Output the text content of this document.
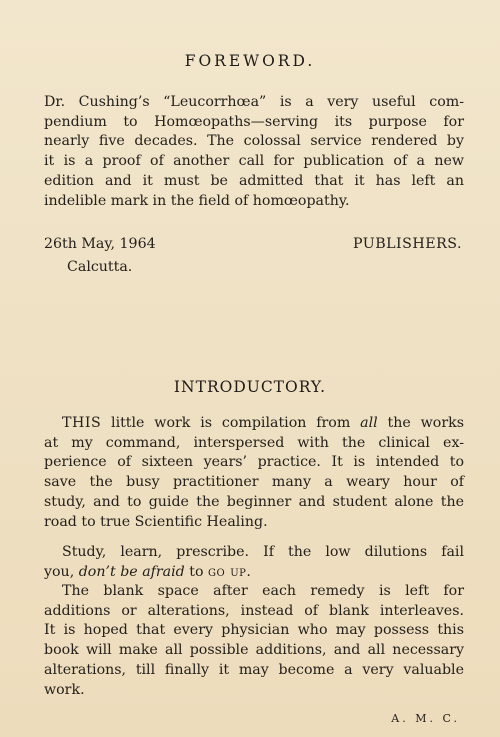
FOREWORD.
Dr. Cushing’s “Leucorrhœa” is a very useful com-
pendium to Homœopaths—serving its purpose for
nearly five decades. The colossal service rendered by
it is a proof of another call for publication of a new
edition and it must be admitted that it has left an
indelible mark in the field of homœopathy.
26th May, 1964
Calcutta.
PUBLISHERS.
INTRODUCTORY.
THIS little work is compilation from all the works
at my command, interspersed with the clinical ex-
perience of sixteen years’ practice. It is intended to
save the busy practitioner many a weary hour of
study, and to guide the beginner and student alone the
road to true Scientific Healing.
Study, learn, prescribe. If the low dilutions fail
you, don’t be afraid to go up.
The blank space after each remedy is left for
additions or alterations, instead of blank interleaves.
It is hoped that every physician who may possess this
book will make all possible additions, and all necessary
alterations, till finally it may become a very valuable
work.
A. M. C.
